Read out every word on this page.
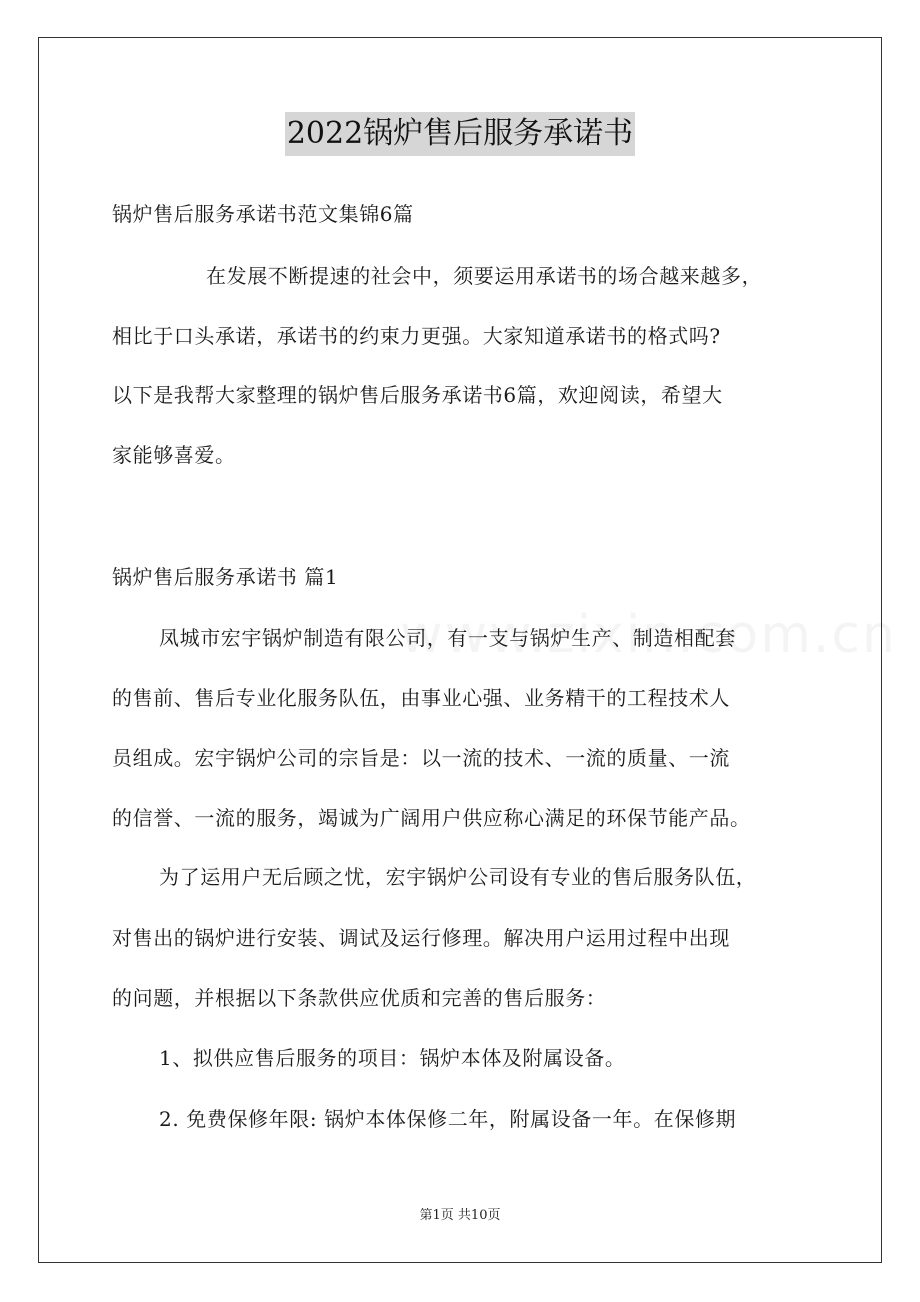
2022锅炉售后服务承诺书
锅炉售后服务承诺书范文集锦6篇
在发展不断提速的社会中，须要运用承诺书的场合越来越多，
相比于口头承诺，承诺书的约束力更强。大家知道承诺书的格式吗?
以下是我帮大家整理的锅炉售后服务承诺书6篇，欢迎阅读，希望大
家能够喜爱。
锅炉售后服务承诺书 篇1
凤城市宏宇锅炉制造有限公司，有一支与锅炉生产、制造相配套
的售前、售后专业化服务队伍，由事业心强、业务精干的工程技术人
员组成。宏宇锅炉公司的宗旨是：以一流的技术、一流的质量、一流
的信誉、一流的服务，竭诚为广阔用户供应称心满足的环保节能产品。
为了运用户无后顾之忧，宏宇锅炉公司设有专业的售后服务队伍，
对售出的锅炉进行安装、调试及运行修理。解决用户运用过程中出现
的问题，并根据以下条款供应优质和完善的售后服务：
1、拟供应售后服务的项目：锅炉本体及附属设备。
2. 免费保修年限: 锅炉本体保修二年，附属设备一年。在保修期
第1页 共10页
